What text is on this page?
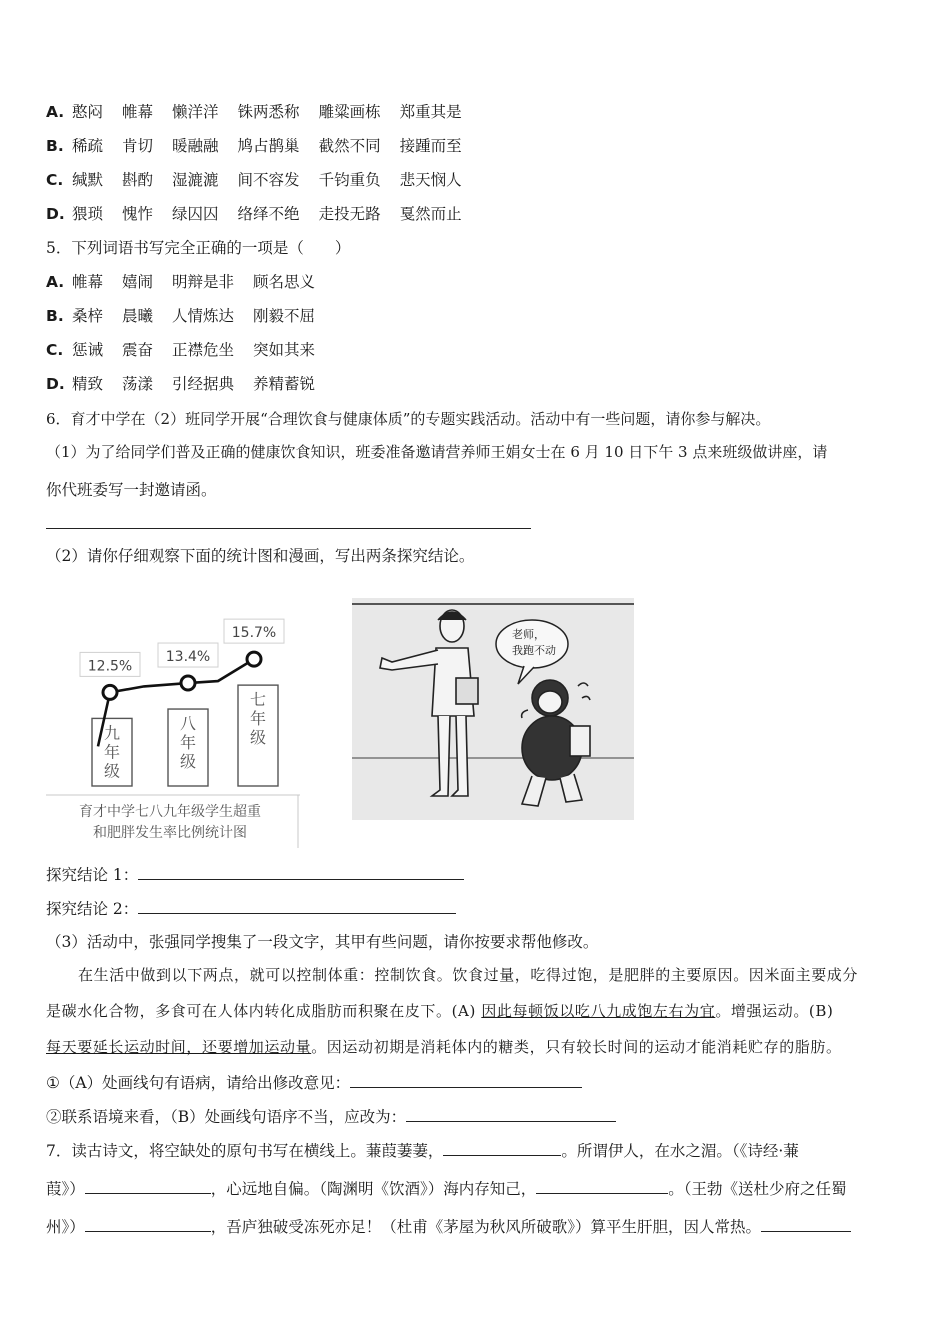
A. 憨闷 帷幕 懒洋洋 铢两悉称 雕粱画栋 郑重其是
B. 稀疏 肯切 暖融融 鸠占鹊巢 截然不同 接踵而至
C. 缄默 斟酌 湿漉漉 间不容发 千钧重负 悲天悯人
D. 猥琐 愧怍 绿囚囚 络绎不绝 走投无路 戛然而止
5．下列词语书写完全正确的一项是（　　）
A. 帷幕 嬉闹 明辩是非 顾名思义
B. 桑梓 晨曦 人情炼达 刚毅不屈
C. 惩诫 震奋 正襟危坐 突如其来
D. 精致 荡漾 引经据典 养精蓄锐
6．育才中学在（2）班同学开展“合理饮食与健康体质”的专题实践活动。活动中有一些问题，请你参与解决。
（1）为了给同学们普及正确的健康饮食知识，班委准备邀请营养师王娟女士在 6 月 10 日下午 3 点来班级做讲座，请
你代班委写一封邀请函。
（2）请你仔细观察下面的统计图和漫画，写出两条探究结论。
九
年
级
八
年
级
七
年
级
12.5%
13.4%
15.7%
育才中学七八九年级学生超重
和肥胖发生率比例统计图
老师，
我跑不动
探究结论 1：
探究结论 2：
（3）活动中，张强同学搜集了一段文字，其甲有些问题，请你按要求帮他修改。
在生活中做到以下两点，就可以控制体重：控制饮食。饮食过量，吃得过饱，是肥胖的主要原因。因米面主要成分
是碳水化合物，多食可在人体内转化成脂肪而积聚在皮下。(A) 因此每顿饭以吃八九成饱左右为宜。增强运动。(B)
每天要延长运动时间，还要增加运动量。因运动初期是消耗体内的糖类，只有较长时间的运动才能消耗贮存的脂肪。
①（A）处画线句有语病，请给出修改意见：
②联系语境来看，（B）处画线句语序不当，应改为：
7．读古诗文，将空缺处的原句书写在横线上。蒹葭萋萋，	。所谓伊人，在水之湄。（《诗经·蒹
葭》）	，心远地自偏。（陶渊明《饮酒》）海内存知己，	。（王勃《送杜少府之任蜀
州》）	，吾庐独破受冻死亦足！（杜甫《茅屋为秋风所破歌》）算平生肝胆，因人常热。
